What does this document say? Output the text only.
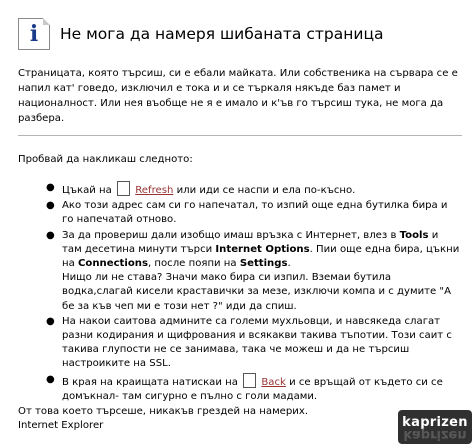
i	Не мога да намеря шибаната страница

Страницата, която търсиш, си е ебали майката. Или собственика на сървара се е напил кат' говедо, изключил е тока и и се търкаля някъде баз памет и националност. Или нея въобще не я е имало и к'ъв го търсиш тука, не мога да разбера.

Пробвай да накликаш следното:

● Цъкай на Refresh или иди се наспи и ела по-късно.
● Ако този адрес сам си го напечатал, то изпий още една бутилка бира и го напечатай отново.
● За да провериш дали изобщо имаш връзка с Интернет, влез в Tools и там десетина минути търси Internet Options. Пии още една бира, цъкни на Connections, после пояпи на Settings.
Нищо ли не става? Значи мако бира си изпил. Вземаи бутила водка,слагай кисели краставички за мезе, изключи компа и с думите "А бе за къв чеп ми е този нет ?" иди да спиш.
● На накои саитова админите са големи мухльовци, и навсякеда слагат разни кодирания и щифрования и всякакви такива тъпотии. Този саит с такива глупости не се занимава, така че можеш и да не търсиш настроиките на SSL.
● В края на краищата натискаи на Back и се връщай от където си се домъкнал- там сигурно е пълно с голи мадами.

От това което търсеше, никакъв грездей на намерих.
Internet Explorer	kaprizen
kaprizen
